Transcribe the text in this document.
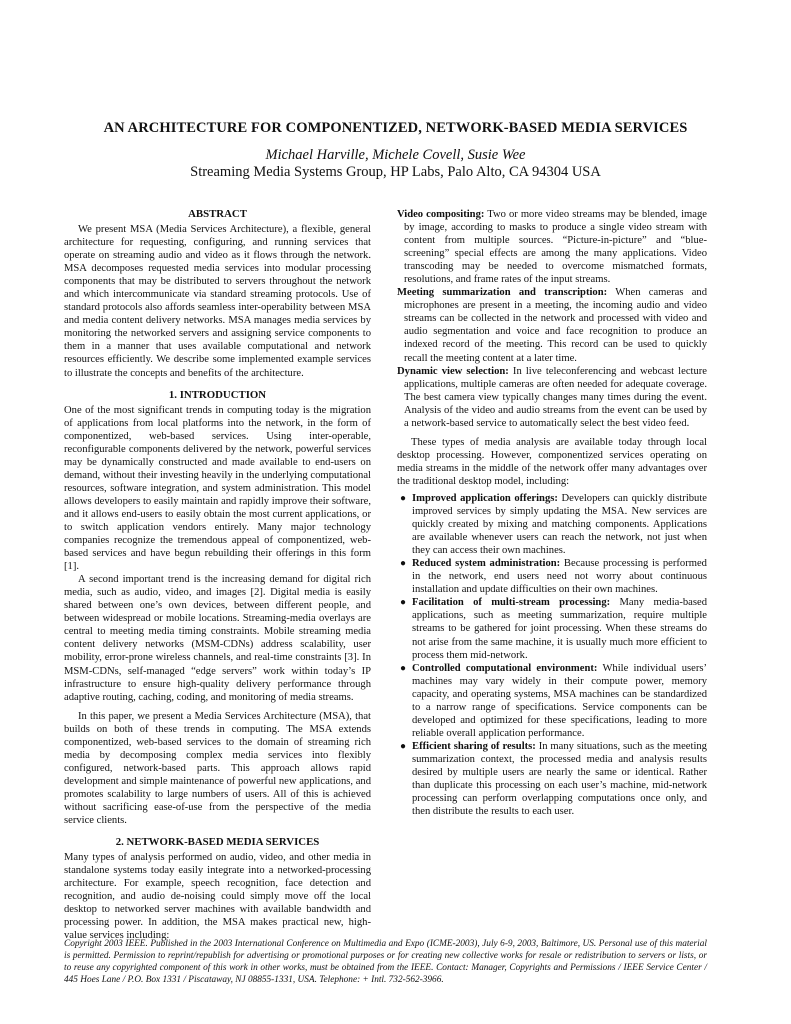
AN ARCHITECTURE FOR COMPONENTIZED, NETWORK-BASED MEDIA SERVICES
Michael Harville, Michele Covell, Susie Wee
Streaming Media Systems Group, HP Labs, Palo Alto, CA 94304 USA
ABSTRACT

We present MSA (Media Services Architecture), a flexible, general architecture for requesting, configuring, and running services that operate on streaming audio and video as it flows through the network. MSA decomposes requested media services into modular processing components that may be distributed to servers throughout the network and which intercommunicate via standard streaming protocols. Use of standard protocols also affords seamless inter-operability between MSA and media content delivery networks. MSA manages media services by monitoring the networked servers and assigning service components to them in a manner that uses available computational and network resources efficiently. We describe some implemented example services to illustrate the concepts and benefits of the architecture.

1. INTRODUCTION

One of the most significant trends in computing today is the migration of applications from local platforms into the network, in the form of componentized, web-based services. Using inter-operable, reconfigurable components delivered by the network, powerful services may be dynamically constructed and made available to end-users on demand, without their investing heavily in the underlying computational resources, software integration, and system administration. This model allows developers to easily maintain and rapidly improve their software, and it allows end-users to easily obtain the most current applications, or to switch application vendors entirely. Many major technology companies recognize the tremendous appeal of componentized, web-based services and have begun rebuilding their offerings in this form [1].

A second important trend is the increasing demand for digital rich media, such as audio, video, and images [2]. Digital media is easily shared between one’s own devices, between different people, and between widespread or mobile locations. Streaming-media overlays are central to meeting media timing constraints. Mobile streaming media content delivery networks (MSM-CDNs) address scalability, user mobility, error-prone wireless channels, and real-time constraints [3]. In MSM-CDNs, self-managed “edge servers” work within today’s IP infrastructure to ensure high-quality delivery performance through adaptive routing, caching, coding, and monitoring of media streams.

In this paper, we present a Media Services Architecture (MSA), that builds on both of these trends in computing. The MSA extends componentized, web-based services to the domain of streaming rich media by decomposing complex media services into flexibly configured, network-based parts. This approach allows rapid development and simple maintenance of powerful new applications, and promotes scalability to large numbers of users. All of this is achieved without sacrificing ease-of-use from the perspective of the media service clients.

2. NETWORK-BASED MEDIA SERVICES

Many types of analysis performed on audio, video, and other media in standalone systems today easily integrate into a networked-processing architecture. For example, speech recognition, face detection and recognition, and audio de-noising could simply move off the local desktop to networked server machines with available bandwidth and processing power. In addition, the MSA makes practical new, high-value services including:

Video compositing: Two or more video streams may be blended, image by image, according to masks to produce a single video stream with content from multiple sources. “Picture-in-picture” and “blue-screening” special effects are among the many applications. Video transcoding may be needed to overcome mismatched formats, resolutions, and frame rates of the input streams.

Meeting summarization and transcription: When cameras and microphones are present in a meeting, the incoming audio and video streams can be collected in the network and processed with video and audio segmentation and voice and face recognition to produce an indexed record of the meeting. This record can be used to quickly recall the meeting content at a later time.

Dynamic view selection: In live teleconferencing and webcast lecture applications, multiple cameras are often needed for adequate coverage. The best camera view typically changes many times during the event. Analysis of the video and audio streams from the event can be used by a network-based service to automatically select the best video feed.

These types of media analysis are available today through local desktop processing. However, componentized services operating on media streams in the middle of the network offer many advantages over the traditional desktop model, including:

● Improved application offerings: Developers can quickly distribute improved services by simply updating the MSA. New services are quickly created by mixing and matching components. Applications are available whenever users can reach the network, not just when they can access their own machines.
● Reduced system administration: Because processing is performed in the network, end users need not worry about continuous installation and update difficulties on their own machines.
● Facilitation of multi-stream processing: Many media-based applications, such as meeting summarization, require multiple streams to be gathered for joint processing. When these streams do not arise from the same machine, it is usually much more efficient to process them mid-network.
● Controlled computational environment: While individual users’ machines may vary widely in their compute power, memory capacity, and operating systems, MSA machines can be standardized to a narrow range of specifications. Service components can be developed and optimized for these specifications, leading to more reliable overall application performance.
● Efficient sharing of results: In many situations, such as the meeting summarization context, the processed media and analysis results desired by multiple users are nearly the same or identical. Rather than duplicate this processing on each user’s machine, mid-network processing can perform overlapping computations once only, and then distribute the results to each user.
Copyright 2003 IEEE. Published in the 2003 International Conference on Multimedia and Expo (ICME-2003), July 6-9, 2003, Baltimore, US. Personal use of this material is permitted. Permission to reprint/republish for advertising or promotional purposes or for creating new collective works for resale or redistribution to servers or lists, or to reuse any copyrighted component of this work in other works, must be obtained from the IEEE. Contact: Manager, Copyrights and Permissions / IEEE Service Center / 445 Hoes Lane / P.O. Box 1331 / Piscataway, NJ 08855-1331, USA. Telephone: + Intl. 732-562-3966.
